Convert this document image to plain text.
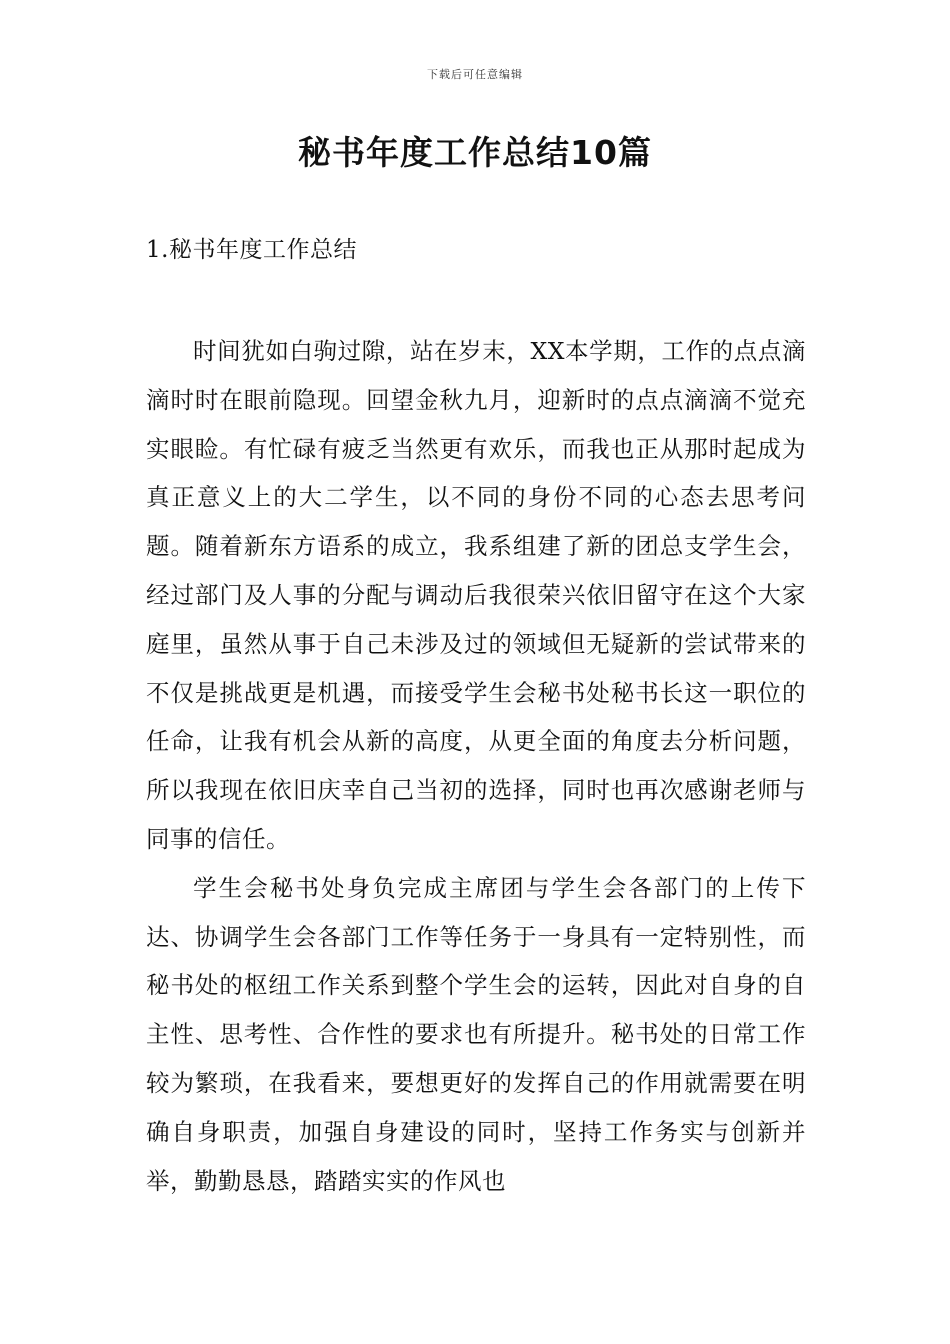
下载后可任意编辑
秘书年度工作总结10篇
1.秘书年度工作总结

时间犹如白驹过隙，站在岁末，XX本学期，工作的点点滴滴时时在眼前隐现。回望金秋九月，迎新时的点点滴滴不觉充实眼睑。有忙碌有疲乏当然更有欢乐，而我也正从那时起成为真正意义上的大二学生，以不同的身份不同的心态去思考问题。随着新东方语系的成立，我系组建了新的团总支学生会，经过部门及人事的分配与调动后我很荣兴依旧留守在这个大家庭里，虽然从事于自己未涉及过的领域但无疑新的尝试带来的不仅是挑战更是机遇，而接受学生会秘书处秘书长这一职位的任命，让我有机会从新的高度，从更全面的角度去分析问题，所以我现在依旧庆幸自己当初的选择，同时也再次感谢老师与同事的信任。

学生会秘书处身负完成主席团与学生会各部门的上传下达、协调学生会各部门工作等任务于一身具有一定特别性，而秘书处的枢纽工作关系到整个学生会的运转，因此对自身的自主性、思考性、合作性的要求也有所提升。秘书处的日常工作较为繁琐，在我看来，要想更好的发挥自己的作用就需要在明确自身职责，加强自身建设的同时，坚持工作务实与创新并举，勤勤恳恳，踏踏实实的作风也
